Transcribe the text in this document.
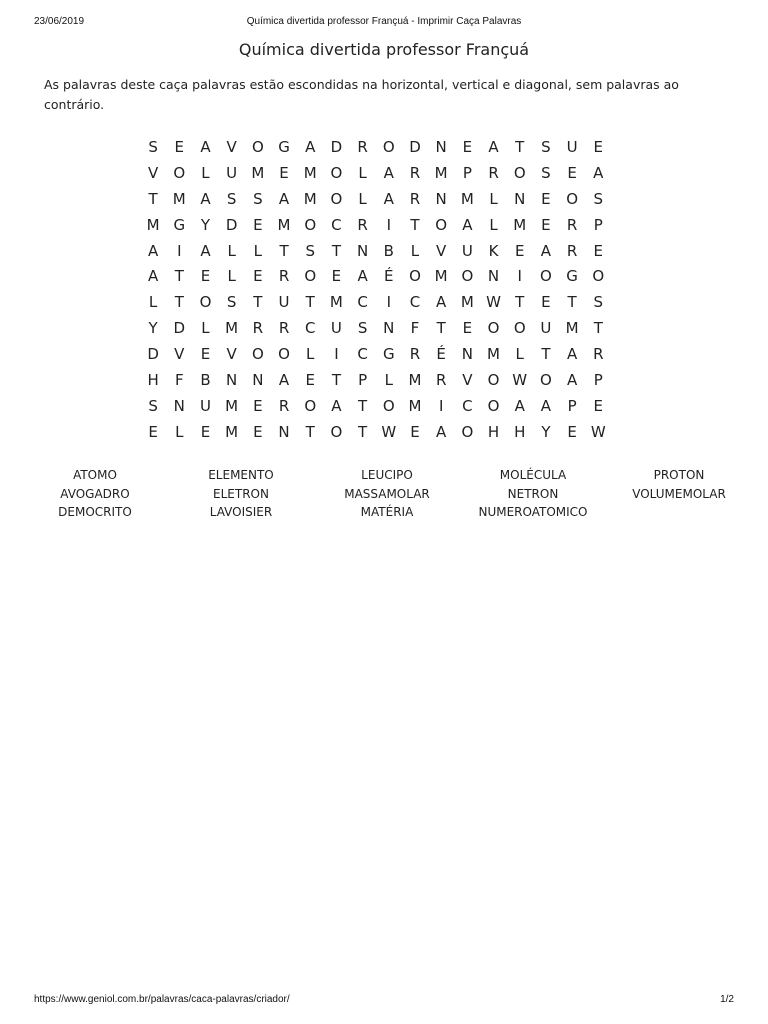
23/06/2019	Química divertida professor Françuá - Imprimir Caça Palavras
Química divertida professor Françuá
As palavras deste caça palavras estão escondidas na horizontal, vertical e diagonal, sem palavras ao contrário.
S	E	A	V	O G	A	D	R	O D N	E	A	T	S	U	E
V	O	L	U M E M O	L	A	R M	P	R	O	S	E	A
T	M A	S	S	A M O	L	A	R	N M	L	N	E	O	S
M G	Y	D	E M O	C	R	I	T	O	A	L	M E	R	P
A	I	A	L	L	T	S	T	N	B	L	V	U	K	E	A	R	E
A	T	E	L	E	R	O	E	A	É	O M O N	I	O G O
L	T	O	S	T	U	T	M C	I	C	A M W T	E	T	S
Y	D	L	M R	R	C	U	S	N	F	T	E	O O U M	T
D	V	E	V	O O	L	I	C	G	R	É	N M	L	T	A	R
H	F	B	N N	A	E	T	P	L	M R	V	O W O	A	P
S	N	U M E	R	O	A	T	O M	I	C	O	A	A	P	E
E	L	E M E	N	T	O	T W E	A	O H H	Y	E W
ATOMO
AVOGADRO
DEMOCRITO
ELEMENTO
ELETRON
LAVOISIER
LEUCIPO
MASSAMOLAR
MATÉRIA
MOLÉCULA
NETRON
NUMEROATOMICO
PROTON
VOLUMEMOLAR
https://www.geniol.com.br/palavras/caca-palavras/criador/	1/2
